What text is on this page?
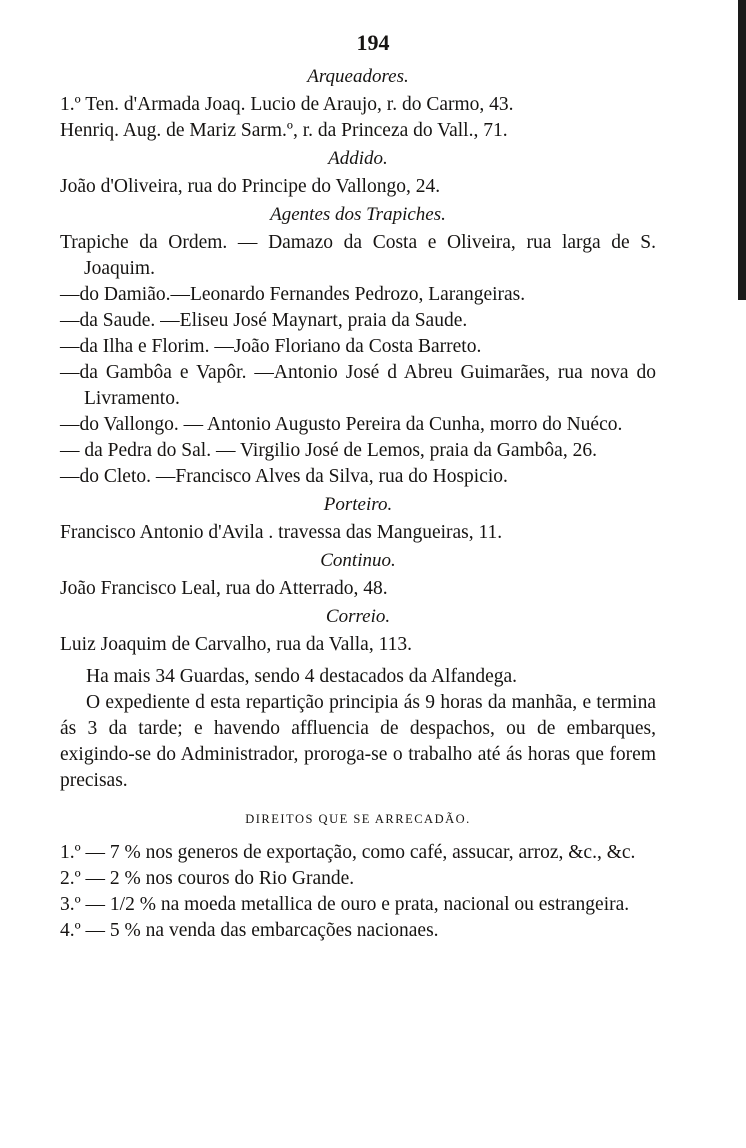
194
Arqueadores.

1.º Ten. d'Armada Joaq. Lucio de Araujo, r. do Carmo, 43.

Henriq. Aug. de Mariz Sarm.º, r. da Princeza do Vall., 71.

Addido.

João d'Oliveira, rua do Principe do Vallongo, 24.

Agentes dos Trapiches.

Trapiche da Ordem. — Damazo da Costa e Oliveira, rua larga de S. Joaquim.

—do Damião.—Leonardo Fernandes Pedrozo, Larangeiras.

—da Saude. —Eliseu José Maynart, praia da Saude.

—da Ilha e Florim. —João Floriano da Costa Barreto.

—da Gambôa e Vapôr. —Antonio José d Abreu Guimarães, rua nova do Livramento.

—do Vallongo. — Antonio Augusto Pereira da Cunha, morro do Nuéco.

— da Pedra do Sal. — Virgilio José de Lemos, praia da Gambôa, 26.

—do Cleto. —Francisco Alves da Silva, rua do Hospicio.

Porteiro.

Francisco Antonio d'Avila . travessa das Mangueiras, 11.

Continuo.

João Francisco Leal, rua do Atterrado, 48.

Correio.

Luiz Joaquim de Carvalho, rua da Valla, 113.

Ha mais 34 Guardas, sendo 4 destacados da Alfandega.

O expediente d esta repartição principia ás 9 horas da manhãa, e termina ás 3 da tarde; e havendo affluencia de despachos, ou de embarques, exigindo-se do Administrador, proroga-se o trabalho até ás horas que forem precisas.

DIREITOS QUE SE ARRECADÃO.

1.º — 7 % nos generos de exportação, como café, assucar, arroz, &c., &c.

2.º — 2 % nos couros do Rio Grande.

3.º — 1/2 % na moeda metallica de ouro e prata, nacional ou estrangeira.

4.º — 5 % na venda das embarcações nacionaes.
